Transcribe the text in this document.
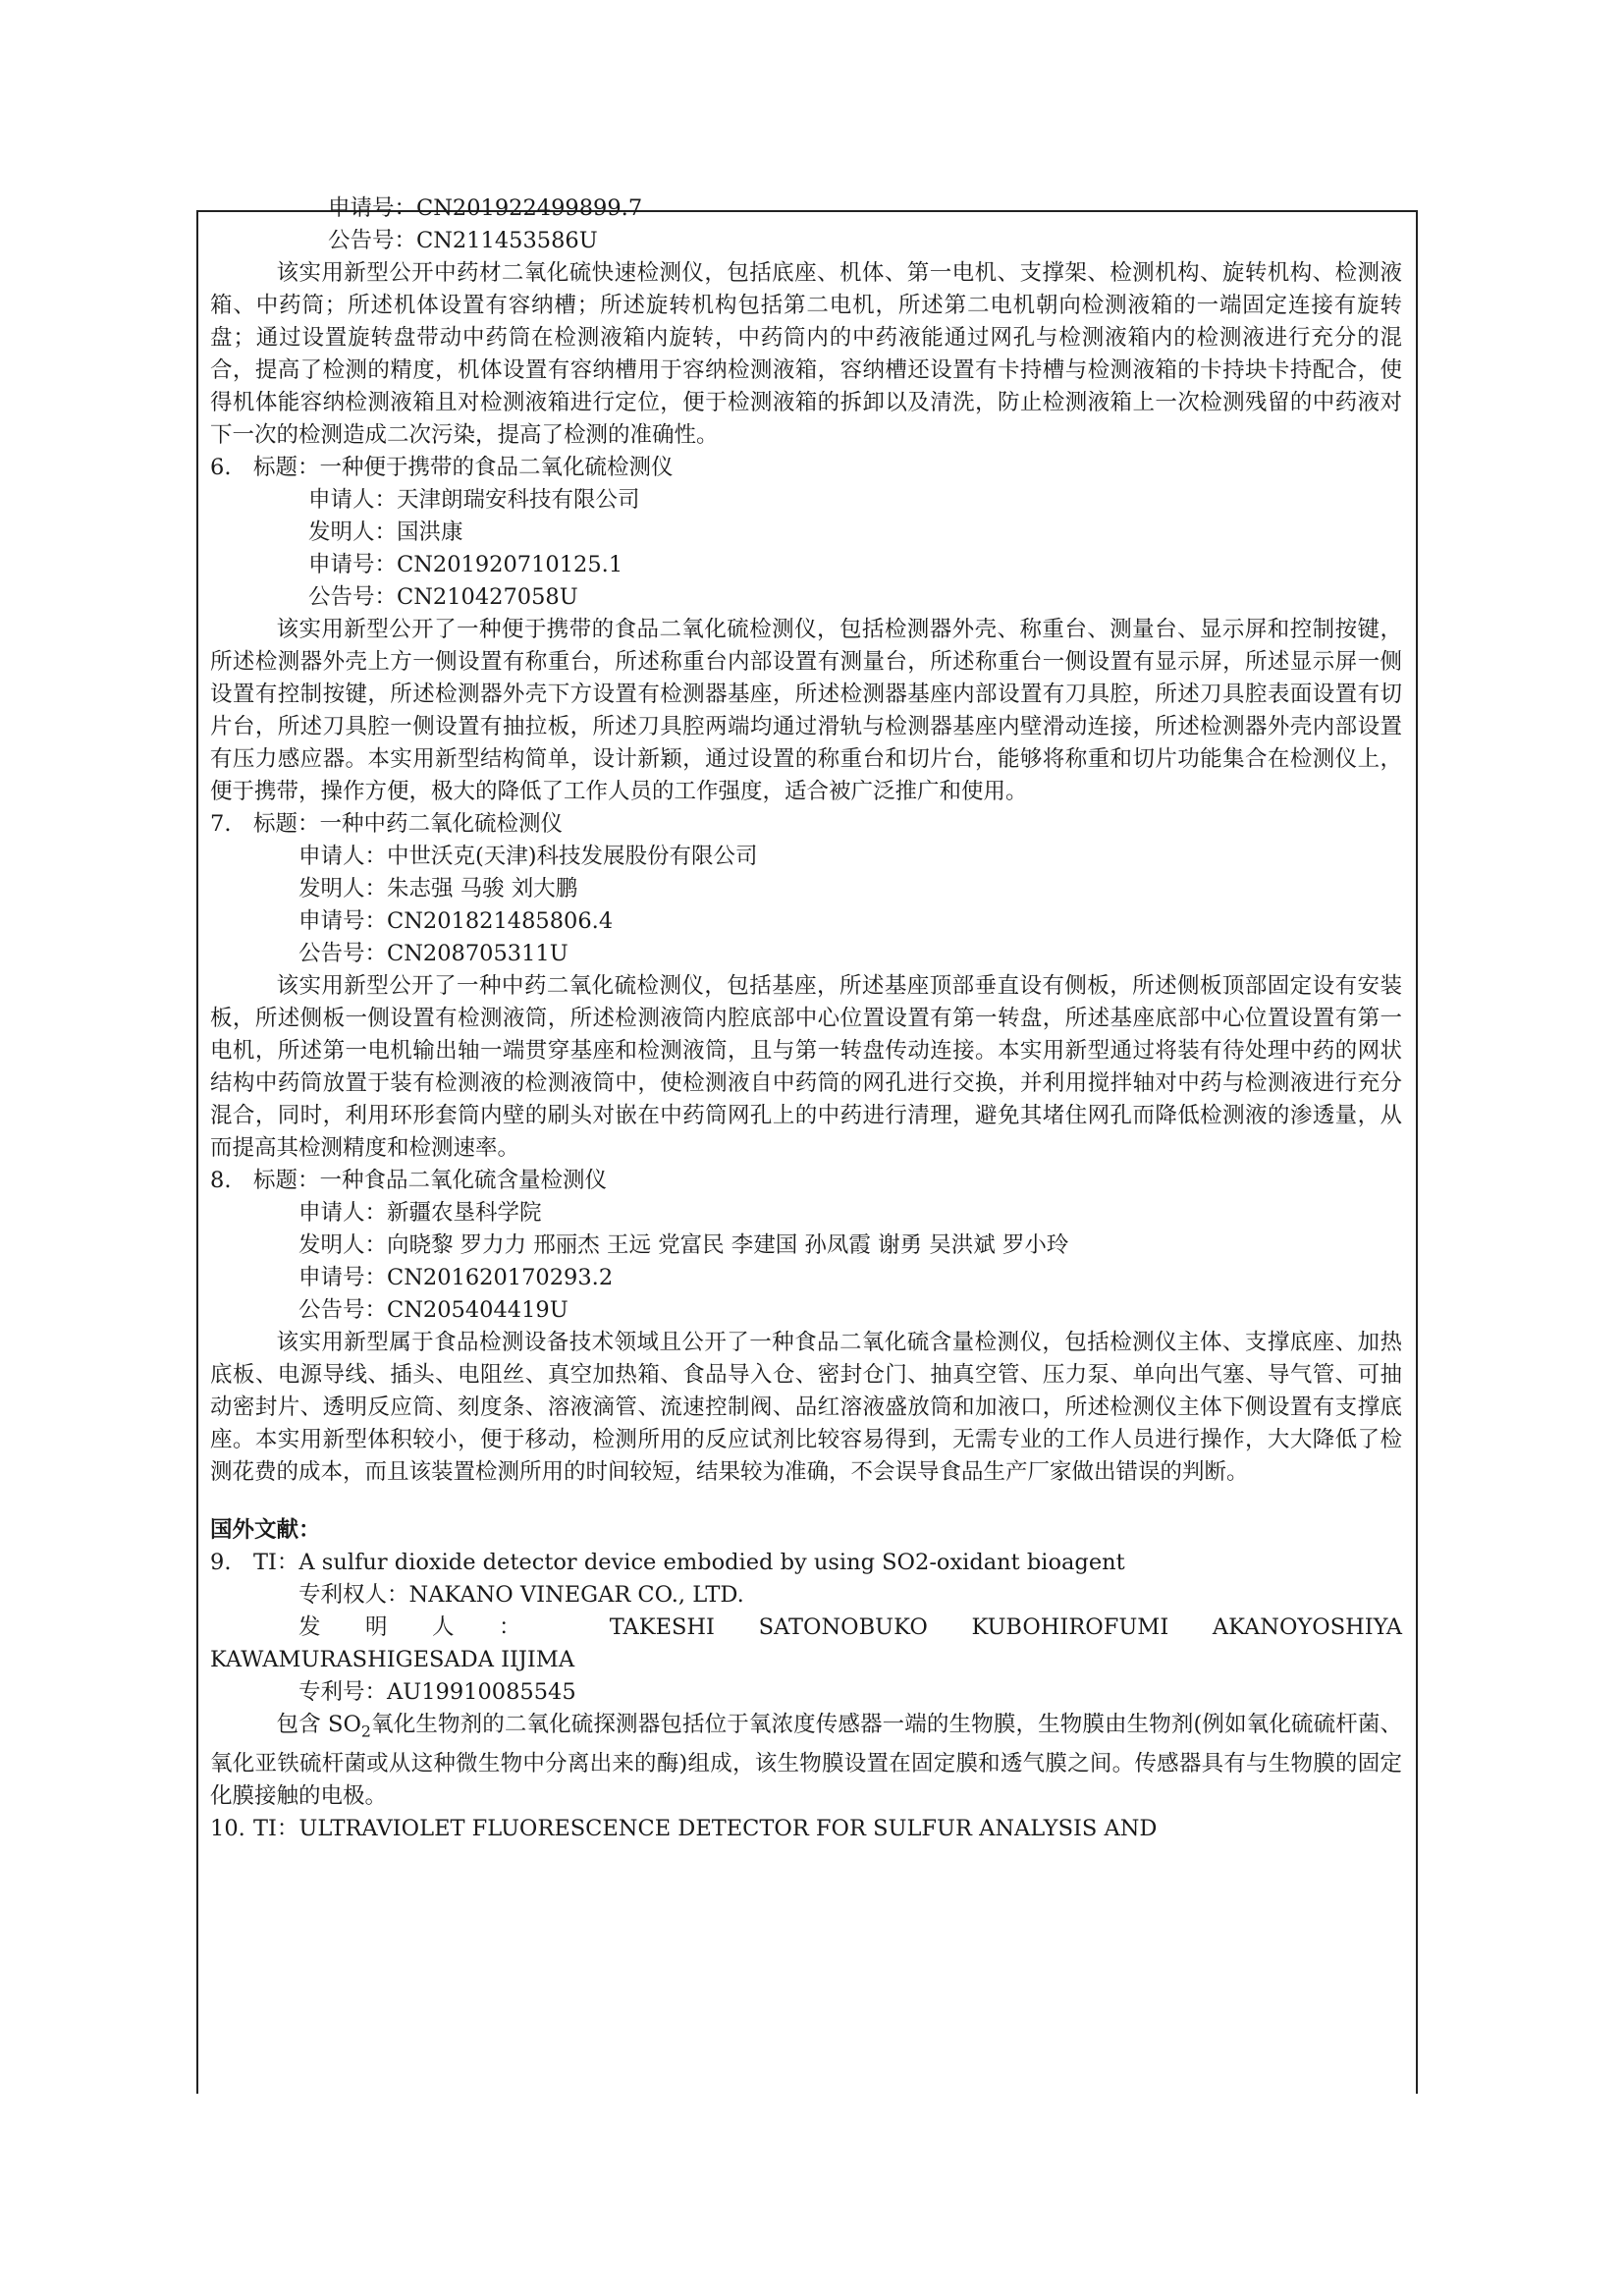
申请号：CN201922499899.7
公告号：CN211453586U
该实用新型公开中药材二氧化硫快速检测仪，包括底座、机体、第一电机、支撑架、检测机构、旋转机构、检测液箱、中药筒；所述机体设置有容纳槽；所述旋转机构包括第二电机，所述第二电机朝向检测液箱的一端固定连接有旋转盘；通过设置旋转盘带动中药筒在检测液箱内旋转，中药筒内的中药液能通过网孔与检测液箱内的检测液进行充分的混合，提高了检测的精度，机体设置有容纳槽用于容纳检测液箱，容纳槽还设置有卡持槽与检测液箱的卡持块卡持配合，使得机体能容纳检测液箱且对检测液箱进行定位，便于检测液箱的拆卸以及清洗，防止检测液箱上一次检测残留的中药液对下一次的检测造成二次污染，提高了检测的准确性。
6. 标题：一种便于携带的食品二氧化硫检测仪
申请人：天津朗瑞安科技有限公司
发明人：国洪康
申请号：CN201920710125.1
公告号：CN210427058U
该实用新型公开了一种便于携带的食品二氧化硫检测仪，包括检测器外壳、称重台、测量台、显示屏和控制按键，所述检测器外壳上方一侧设置有称重台，所述称重台内部设置有测量台，所述称重台一侧设置有显示屏，所述显示屏一侧设置有控制按键，所述检测器外壳下方设置有检测器基座，所述检测器基座内部设置有刀具腔，所述刀具腔表面设置有切片台，所述刀具腔一侧设置有抽拉板，所述刀具腔两端均通过滑轨与检测器基座内壁滑动连接，所述检测器外壳内部设置有压力感应器。本实用新型结构简单，设计新颖，通过设置的称重台和切片台，能够将称重和切片功能集合在检测仪上，便于携带，操作方便，极大的降低了工作人员的工作强度，适合被广泛推广和使用。
7. 标题：一种中药二氧化硫检测仪
申请人：中世沃克(天津)科技发展股份有限公司
发明人：朱志强 马骏 刘大鹏
申请号：CN201821485806.4
公告号：CN208705311U
该实用新型公开了一种中药二氧化硫检测仪，包括基座，所述基座顶部垂直设有侧板，所述侧板顶部固定设有安装板，所述侧板一侧设置有检测液筒，所述检测液筒内腔底部中心位置设置有第一转盘，所述基座底部中心位置设置有第一电机，所述第一电机输出轴一端贯穿基座和检测液筒，且与第一转盘传动连接。本实用新型通过将装有待处理中药的网状结构中药筒放置于装有检测液的检测液筒中，使检测液自中药筒的网孔进行交换，并利用搅拌轴对中药与检测液进行充分混合，同时，利用环形套筒内壁的刷头对嵌在中药筒网孔上的中药进行清理，避免其堵住网孔而降低检测液的渗透量，从而提高其检测精度和检测速率。
8. 标题：一种食品二氧化硫含量检测仪
申请人：新疆农垦科学院
发明人：向晓黎 罗力力 邢丽杰 王远 党富民 李建国 孙凤霞 谢勇 吴洪斌 罗小玲
申请号：CN201620170293.2
公告号：CN205404419U
该实用新型属于食品检测设备技术领域且公开了一种食品二氧化硫含量检测仪，包括检测仪主体、支撑底座、加热底板、电源导线、插头、电阻丝、真空加热箱、食品导入仓、密封仓门、抽真空管、压力泵、单向出气塞、导气管、可抽动密封片、透明反应筒、刻度条、溶液滴管、流速控制阀、品红溶液盛放筒和加液口，所述检测仪主体下侧设置有支撑底座。本实用新型体积较小，便于移动，检测所用的反应试剂比较容易得到，无需专业的工作人员进行操作，大大降低了检测花费的成本，而且该装置检测所用的时间较短，结果较为准确，不会误导食品生产厂家做出错误的判断。
国外文献：
9. TI：A sulfur dioxide detector device embodied by using SO2-oxidant bioagent
专利权人：NAKANO VINEGAR CO., LTD.
发明人： TAKESHI SATONOBUKO KUBOHIROFUMI AKANOYOSHIYA
KAWAMURASHIGESADA IIJIMA
专利号：AU19910085545
包含 $SO_2$氧化生物剂的二氧化硫探测器包括位于氧浓度传感器一端的生物膜，生物膜由生物剂(例如氧化硫硫杆菌、氧化亚铁硫杆菌或从这种微生物中分离出来的酶)组成，该生物膜设置在固定膜和透气膜之间。传感器具有与生物膜的固定化膜接触的电极。
10. TI：ULTRAVIOLET FLUORESCENCE DETECTOR FOR SULFUR ANALYSIS AND
